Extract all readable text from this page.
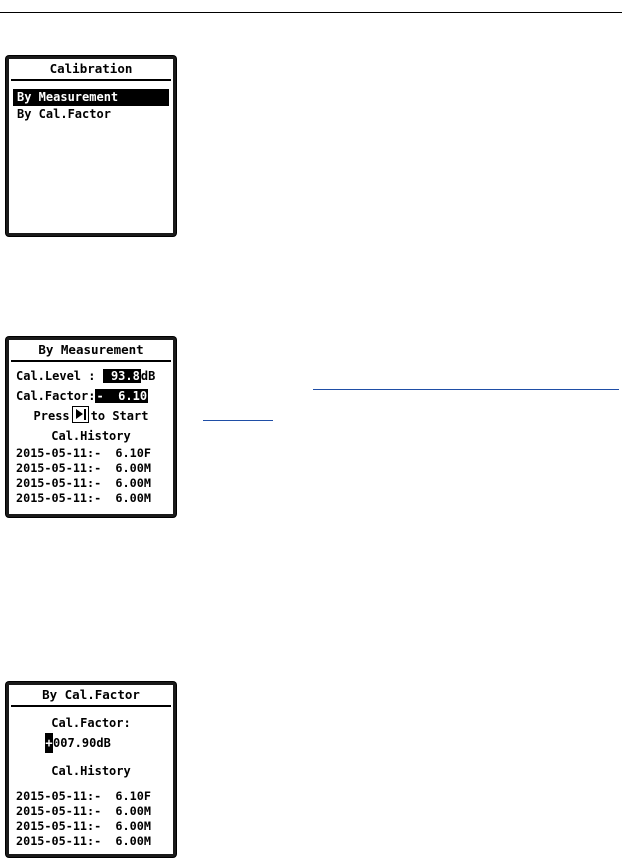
Calibration
By Measurement
By Cal.Factor
By Measurement
Cal.Level :  93.8dB
Cal.Factor:-  6.10
Press to Start
Cal.History
2015-05-11:-  6.10F
2015-05-11:-  6.00M
2015-05-11:-  6.00M
2015-05-11:-  6.00M
By Cal.Factor
Cal.Factor:
+007.90dB
Cal.History
2015-05-11:-  6.10F
2015-05-11:-  6.00M
2015-05-11:-  6.00M
2015-05-11:-  6.00M
